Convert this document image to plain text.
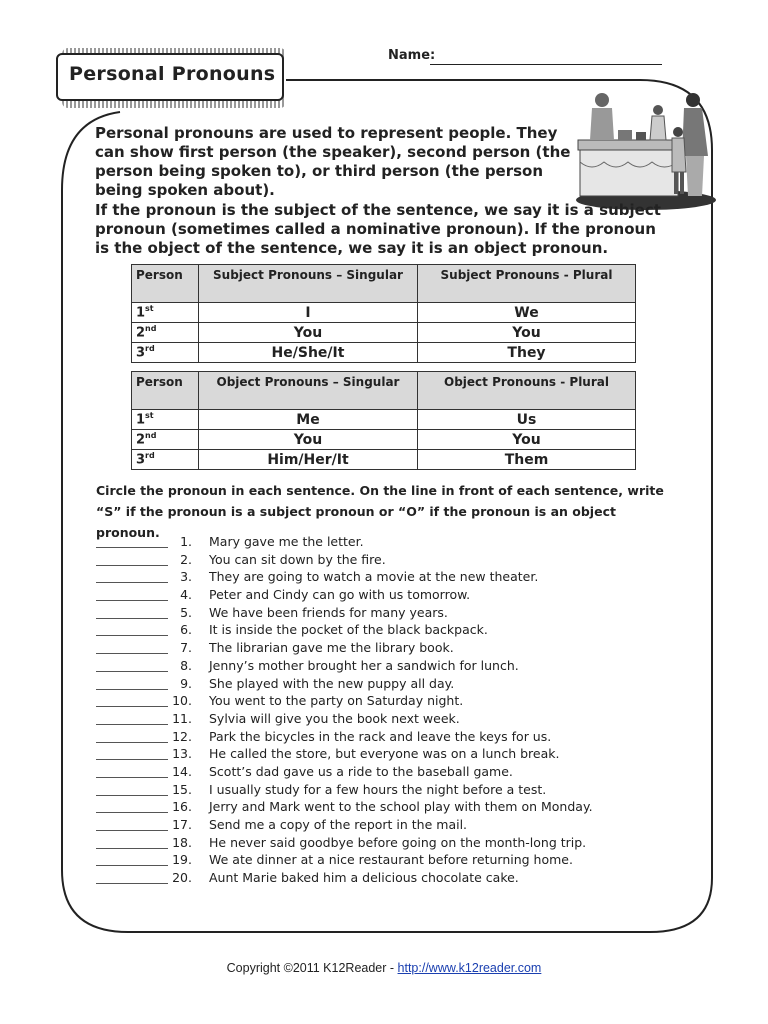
Personal Pronouns
Name:
Personal pronouns are used to represent people. They can show first person (the speaker), second person (the person being spoken to), or third person (the person being spoken about).
If the pronoun is the subject of the sentence, we say it is a subject pronoun (sometimes called a nominative pronoun). If the pronoun is the object of the sentence, we say it is an object pronoun.
Person	Subject Pronouns – Singular	Subject Pronouns - Plural
1st	I	We
2nd	You	You
3rd	He/She/It	They
Person	Object Pronouns – Singular	Object Pronouns - Plural
1st	Me	Us
2nd	You	You
3rd	Him/Her/It	Them
Circle the pronoun in each sentence. On the line in front of each sentence, write “S” if the pronoun is a subject pronoun or “O” if the pronoun is an object pronoun.
1. Mary gave me the letter.
2. You can sit down by the fire.
3. They are going to watch a movie at the new theater.
4. Peter and Cindy can go with us tomorrow.
5. We have been friends for many years.
6. It is inside the pocket of the black backpack.
7. The librarian gave me the library book.
8. Jenny’s mother brought her a sandwich for lunch.
9. She played with the new puppy all day.
10. You went to the party on Saturday night.
11. Sylvia will give you the book next week.
12. Park the bicycles in the rack and leave the keys for us.
13. He called the store, but everyone was on a lunch break.
14. Scott’s dad gave us a ride to the baseball game.
15. I usually study for a few hours the night before a test.
16. Jerry and Mark went to the school play with them on Monday.
17. Send me a copy of the report in the mail.
18. He never said goodbye before going on the month-long trip.
19. We ate dinner at a nice restaurant before returning home.
20. Aunt Marie baked him a delicious chocolate cake.
Copyright ©2011 K12Reader - http://www.k12reader.com
